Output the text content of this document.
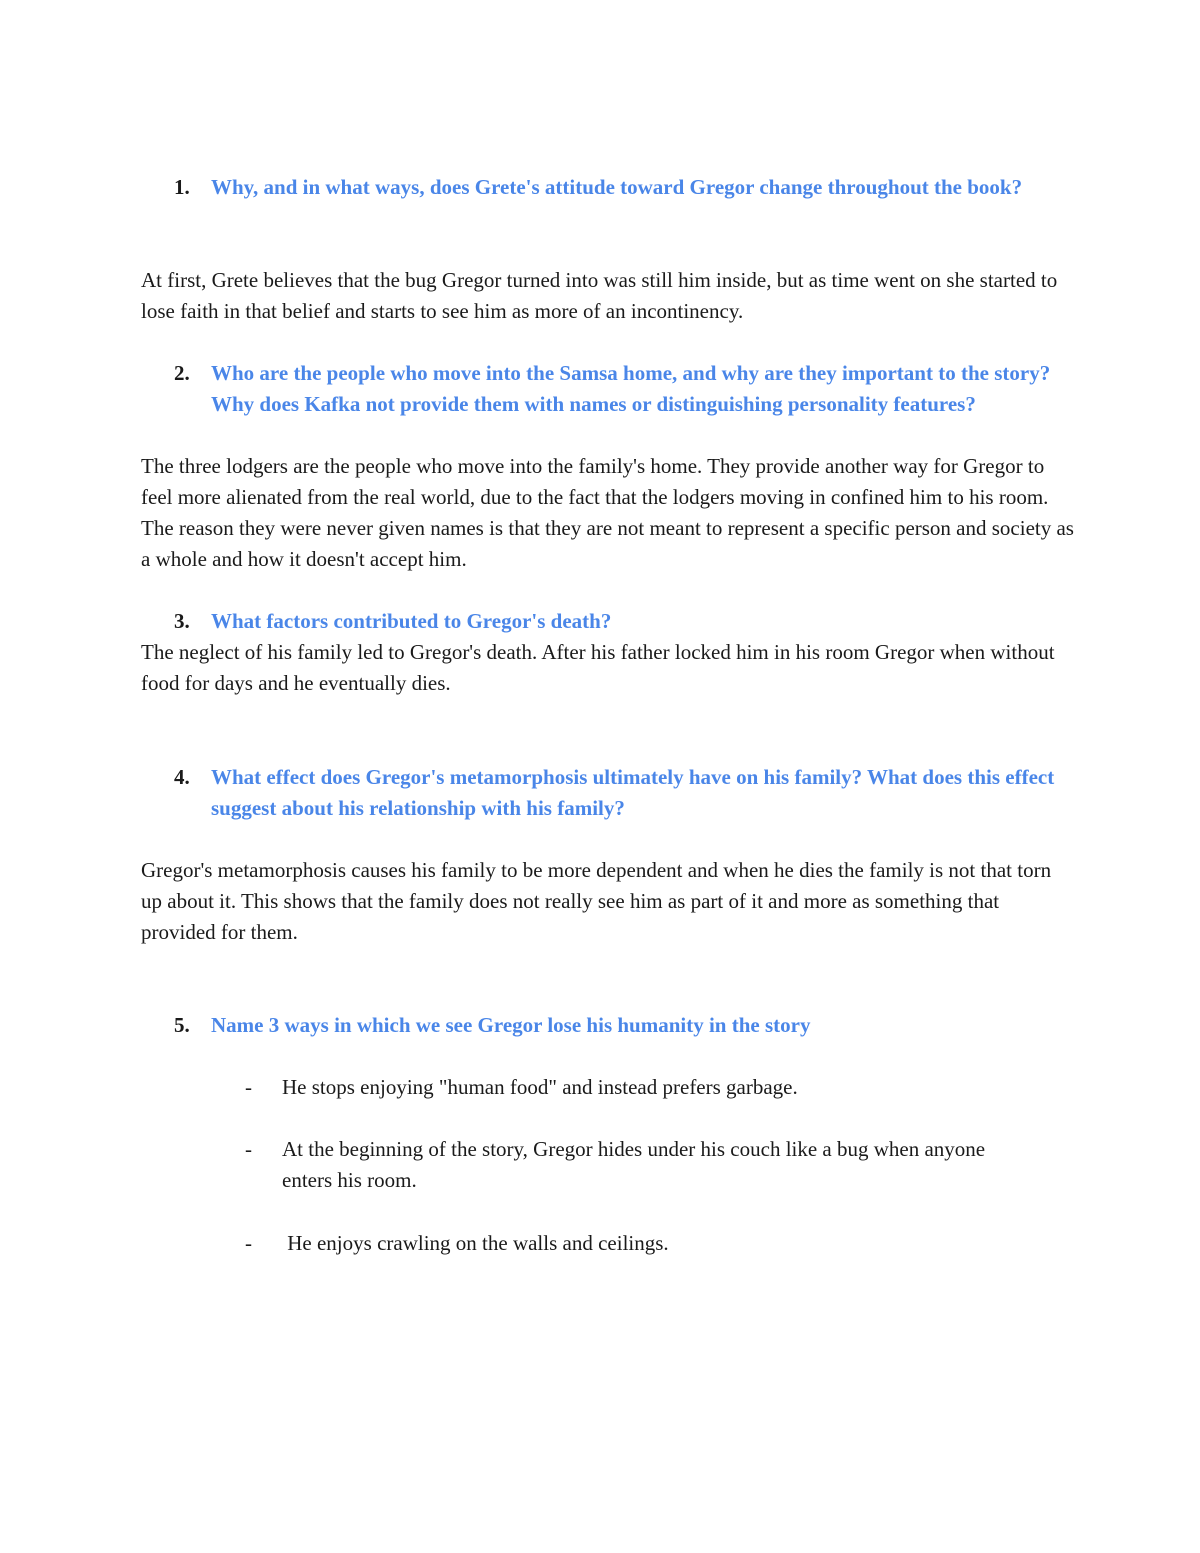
1. Why, and in what ways, does Grete's attitude toward Gregor change throughout the book?
At first, Grete believes that the bug Gregor turned into was still him inside, but as time went on she started to lose faith in that belief and starts to see him as more of an incontinency.
2. Who are the people who move into the Samsa home, and why are they important to the story? Why does Kafka not provide them with names or distinguishing personality features?
The three lodgers are the people who move into the family's home. They provide another way for Gregor to feel more alienated from the real world, due to the fact that the lodgers moving in confined him to his room. The reason they were never given names is that they are not meant to represent a specific person and society as a whole and how it doesn't accept him.
3. What factors contributed to Gregor's death?
The neglect of his family led to Gregor's death. After his father locked him in his room Gregor when without food for days and he eventually dies.
4. What effect does Gregor's metamorphosis ultimately have on his family? What does this effect suggest about his relationship with his family?
Gregor's metamorphosis causes his family to be more dependent and when he dies the family is not that torn up about it. This shows that the family does not really see him as part of it and more as something that provided for them.
5. Name 3 ways in which we see Gregor lose his humanity in the story
- He stops enjoying "human food" and instead prefers garbage.
- At the beginning of the story, Gregor hides under his couch like a bug when anyone enters his room.
- He enjoys crawling on the walls and ceilings.
